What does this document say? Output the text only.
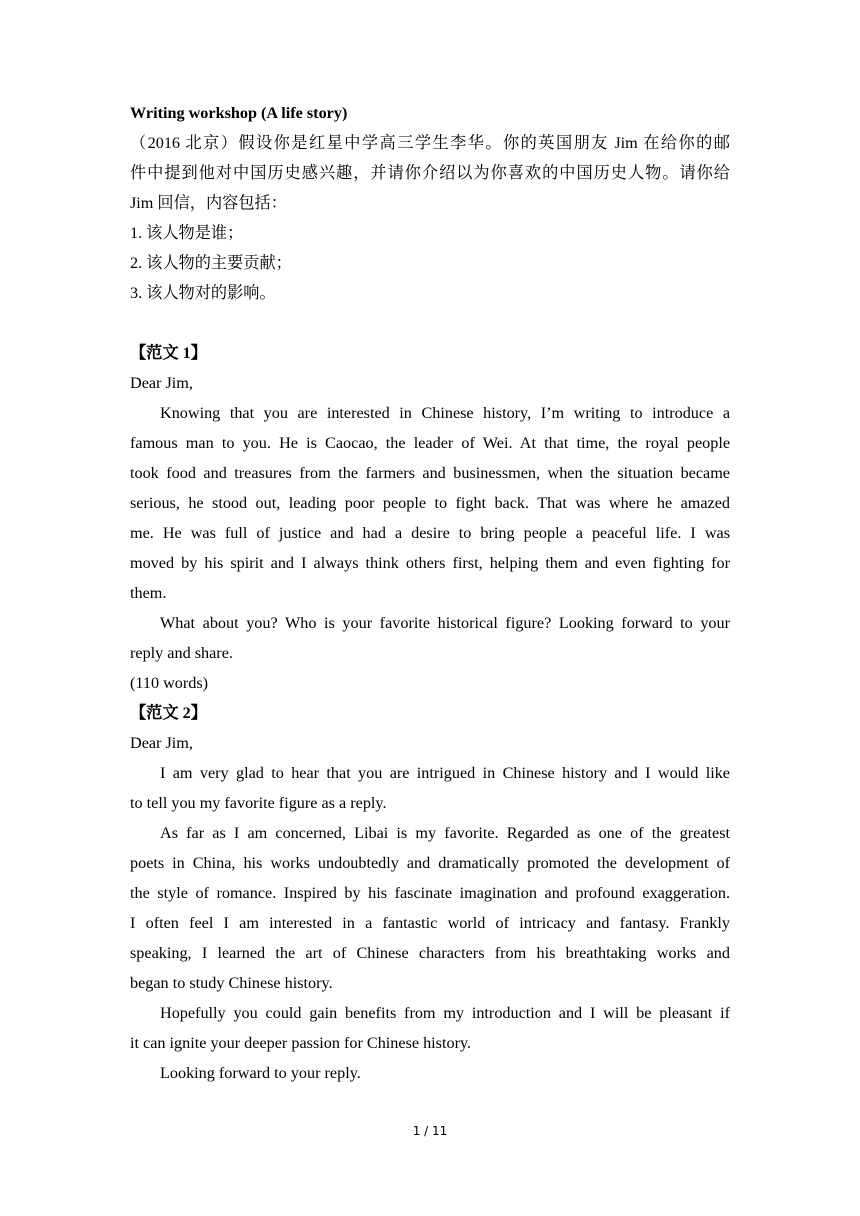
Writing workshop (A life story)
（2016 北京）假设你是红星中学高三学生李华。你的英国朋友 Jim 在给你的邮
件中提到他对中国历史感兴趣，并请你介绍以为你喜欢的中国历史人物。请你给
Jim 回信，内容包括：
1. 该人物是谁；
2. 该人物的主要贡献；
3. 该人物对的影响。
【范文 1】
Dear Jim,
Knowing that you are interested in Chinese history, I’m writing to introduce a
famous man to you. He is Caocao, the leader of Wei. At that time, the royal people
took food and treasures from the farmers and businessmen, when the situation became
serious, he stood out, leading poor people to fight back. That was where he amazed
me. He was full of justice and had a desire to bring people a peaceful life. I was
moved by his spirit and I always think others first, helping them and even fighting for
them.
What about you? Who is your favorite historical figure? Looking forward to your
reply and share.
(110 words)
【范文 2】
Dear Jim,
I am very glad to hear that you are intrigued in Chinese history and I would like
to tell you my favorite figure as a reply.
As far as I am concerned, Libai is my favorite. Regarded as one of the greatest
poets in China, his works undoubtedly and dramatically promoted the development of
the style of romance. Inspired by his fascinate imagination and profound exaggeration.
I often feel I am interested in a fantastic world of intricacy and fantasy. Frankly
speaking, I learned the art of Chinese characters from his breathtaking works and
began to study Chinese history.
Hopefully you could gain benefits from my introduction and I will be pleasant if
it can ignite your deeper passion for Chinese history.
Looking forward to your reply.
1 / 11
